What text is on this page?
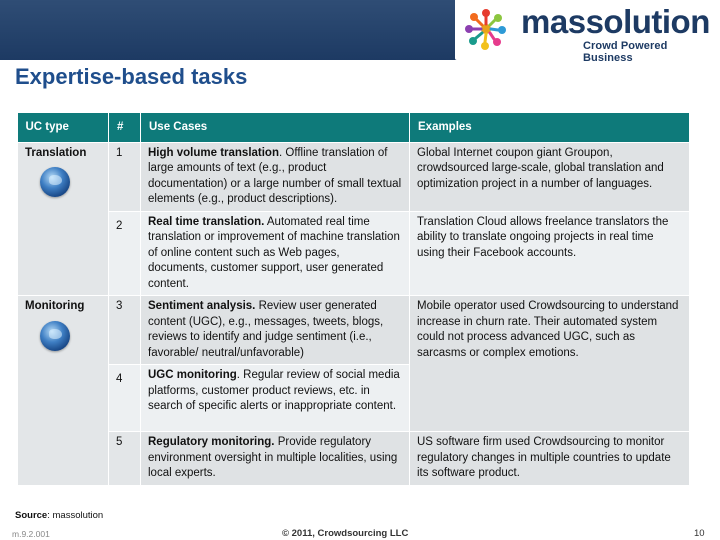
massolution
Crowd Powered Business
Expertise-based tasks
UC type	#	Use Cases	Examples
Translation	1	High volume translation. Offline translation of large amounts of text (e.g., product documentation) or a large number of small textual elements (e.g., product descriptions).	Global Internet coupon giant Groupon, crowdsourced large-scale, global translation and optimization project in a number of languages.
	2	Real time translation. Automated real time translation or improvement of machine translation of online content such as Web pages, documents, customer support, user generated content.	Translation Cloud allows freelance translators the ability to translate ongoing projects in real time using their Facebook accounts.
Monitoring	3	Sentiment analysis. Review user generated content (UGC), e.g., messages, tweets, blogs, reviews to identify and judge sentiment (i.e., favorable/ neutral/unfavorable)	Mobile operator used Crowdsourcing to understand increase in churn rate. Their automated system could not process advanced UGC, such as sarcasms or complex emotions.
	4	UGC monitoring. Regular review of social media platforms, customer product reviews, etc. in search of specific alerts or inappropriate content.	
	5	Regulatory monitoring. Provide regulatory environment oversight in multiple localities, using local experts.	US software firm used Crowdsourcing to monitor regulatory changes in multiple countries to update its software product.
Source: massolution
m.9.2.001	© 2011, Crowdsourcing LLC	10
